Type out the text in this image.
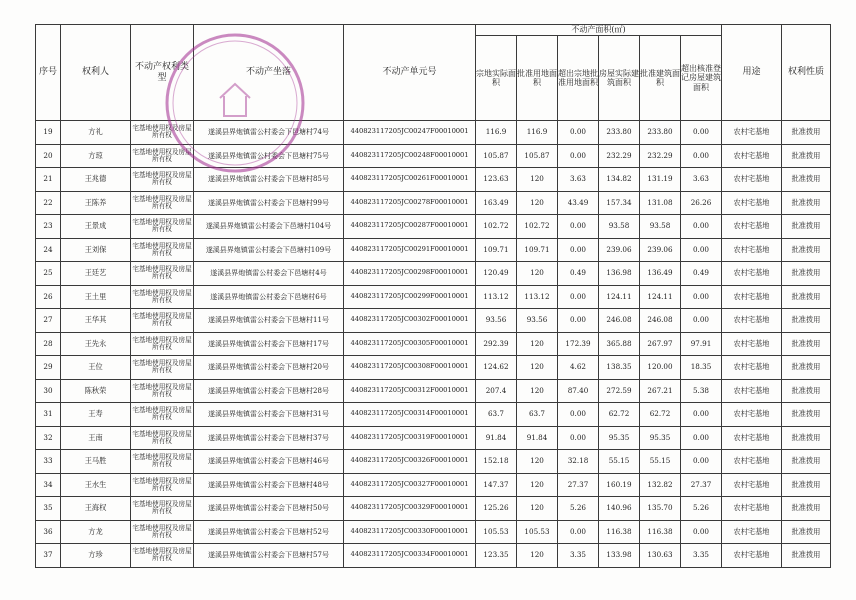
序号	权利人	不动产权利类型	不动产坐落	不动产单元号	不动产面积(㎡)						用途	权利性质
					宗地实际面积	批准用地面积	超出宗地批准用地面积	房屋实际建筑面积	批准建筑面积	超出核准登记房屋建筑面积		
19	方礼	宅基地使用权及房屋所有权	遂溪县界炮镇雷公村委会下邑塘村74号	440823117205JC00247F00010001	116.9	116.9	0.00	233.80	233.80	0.00	农村宅基地	批准拨用
20	方琼	宅基地使用权及房屋所有权	遂溪县界炮镇雷公村委会下邑塘村75号	440823117205JC00248F00010001	105.87	105.87	0.00	232.29	232.29	0.00	农村宅基地	批准拨用
21	王兆德	宅基地使用权及房屋所有权	遂溪县界炮镇雷公村委会下邑塘村85号	440823117205JC00261F00010001	123.63	120	3.63	134.82	131.19	3.63	农村宅基地	批准拨用
22	王陈养	宅基地使用权及房屋所有权	遂溪县界炮镇雷公村委会下邑塘村99号	440823117205JC00278F00010001	163.49	120	43.49	157.34	131.08	26.26	农村宅基地	批准拨用
23	王景成	宅基地使用权及房屋所有权	遂溪县界炮镇雷公村委会下邑塘村104号	440823117205JC00287F00010001	102.72	102.72	0.00	93.58	93.58	0.00	农村宅基地	批准拨用
24	王刘保	宅基地使用权及房屋所有权	遂溪县界炮镇雷公村委会下邑塘村109号	440823117205JC00291F00010001	109.71	109.71	0.00	239.06	239.06	0.00	农村宅基地	批准拨用
25	王廷艺	宅基地使用权及房屋所有权	遂溪县界炮镇雷公村委会下邑塘村4号	440823117205JC00298F00010001	120.49	120	0.49	136.98	136.49	0.49	农村宅基地	批准拨用
26	王土里	宅基地使用权及房屋所有权	遂溪县界炮镇雷公村委会下邑塘村6号	440823117205JC00299F00010001	113.12	113.12	0.00	124.11	124.11	0.00	农村宅基地	批准拨用
27	王华其	宅基地使用权及房屋所有权	遂溪县界炮镇雷公村委会下邑塘村11号	440823117205JC00302F00010001	93.56	93.56	0.00	246.08	246.08	0.00	农村宅基地	批准拨用
28	王先永	宅基地使用权及房屋所有权	遂溪县界炮镇雷公村委会下邑塘村17号	440823117205JC00305F00010001	292.39	120	172.39	365.88	267.97	97.91	农村宅基地	批准拨用
29	王位	宅基地使用权及房屋所有权	遂溪县界炮镇雷公村委会下邑塘村20号	440823117205JC00308F00010001	124.62	120	4.62	138.35	120.00	18.35	农村宅基地	批准拨用
30	陈秋荣	宅基地使用权及房屋所有权	遂溪县界炮镇雷公村委会下邑塘村28号	440823117205JC00312F00010001	207.4	120	87.40	272.59	267.21	5.38	农村宅基地	批准拨用
31	王寿	宅基地使用权及房屋所有权	遂溪县界炮镇雷公村委会下邑塘村31号	440823117205JC00314F00010001	63.7	63.7	0.00	62.72	62.72	0.00	农村宅基地	批准拨用
32	王南	宅基地使用权及房屋所有权	遂溪县界炮镇雷公村委会下邑塘村37号	440823117205JC00319F00010001	91.84	91.84	0.00	95.35	95.35	0.00	农村宅基地	批准拨用
33	王马胜	宅基地使用权及房屋所有权	遂溪县界炮镇雷公村委会下邑塘村46号	440823117205JC00326F00010001	152.18	120	32.18	55.15	55.15	0.00	农村宅基地	批准拨用
34	王水生	宅基地使用权及房屋所有权	遂溪县界炮镇雷公村委会下邑塘村48号	440823117205JC00327F00010001	147.37	120	27.37	160.19	132.82	27.37	农村宅基地	批准拨用
35	王海权	宅基地使用权及房屋所有权	遂溪县界炮镇雷公村委会下邑塘村50号	440823117205JC00329F00010001	125.26	120	5.26	140.96	135.70	5.26	农村宅基地	批准拨用
36	方龙	宅基地使用权及房屋所有权	遂溪县界炮镇雷公村委会下邑塘村52号	440823117205JC00330F00010001	105.53	105.53	0.00	116.38	116.38	0.00	农村宅基地	批准拨用
37	方珍	宅基地使用权及房屋所有权	遂溪县界炮镇雷公村委会下邑塘村57号	440823117205JC00334F00010001	123.35	120	3.35	133.98	130.63	3.35	农村宅基地	批准拨用
